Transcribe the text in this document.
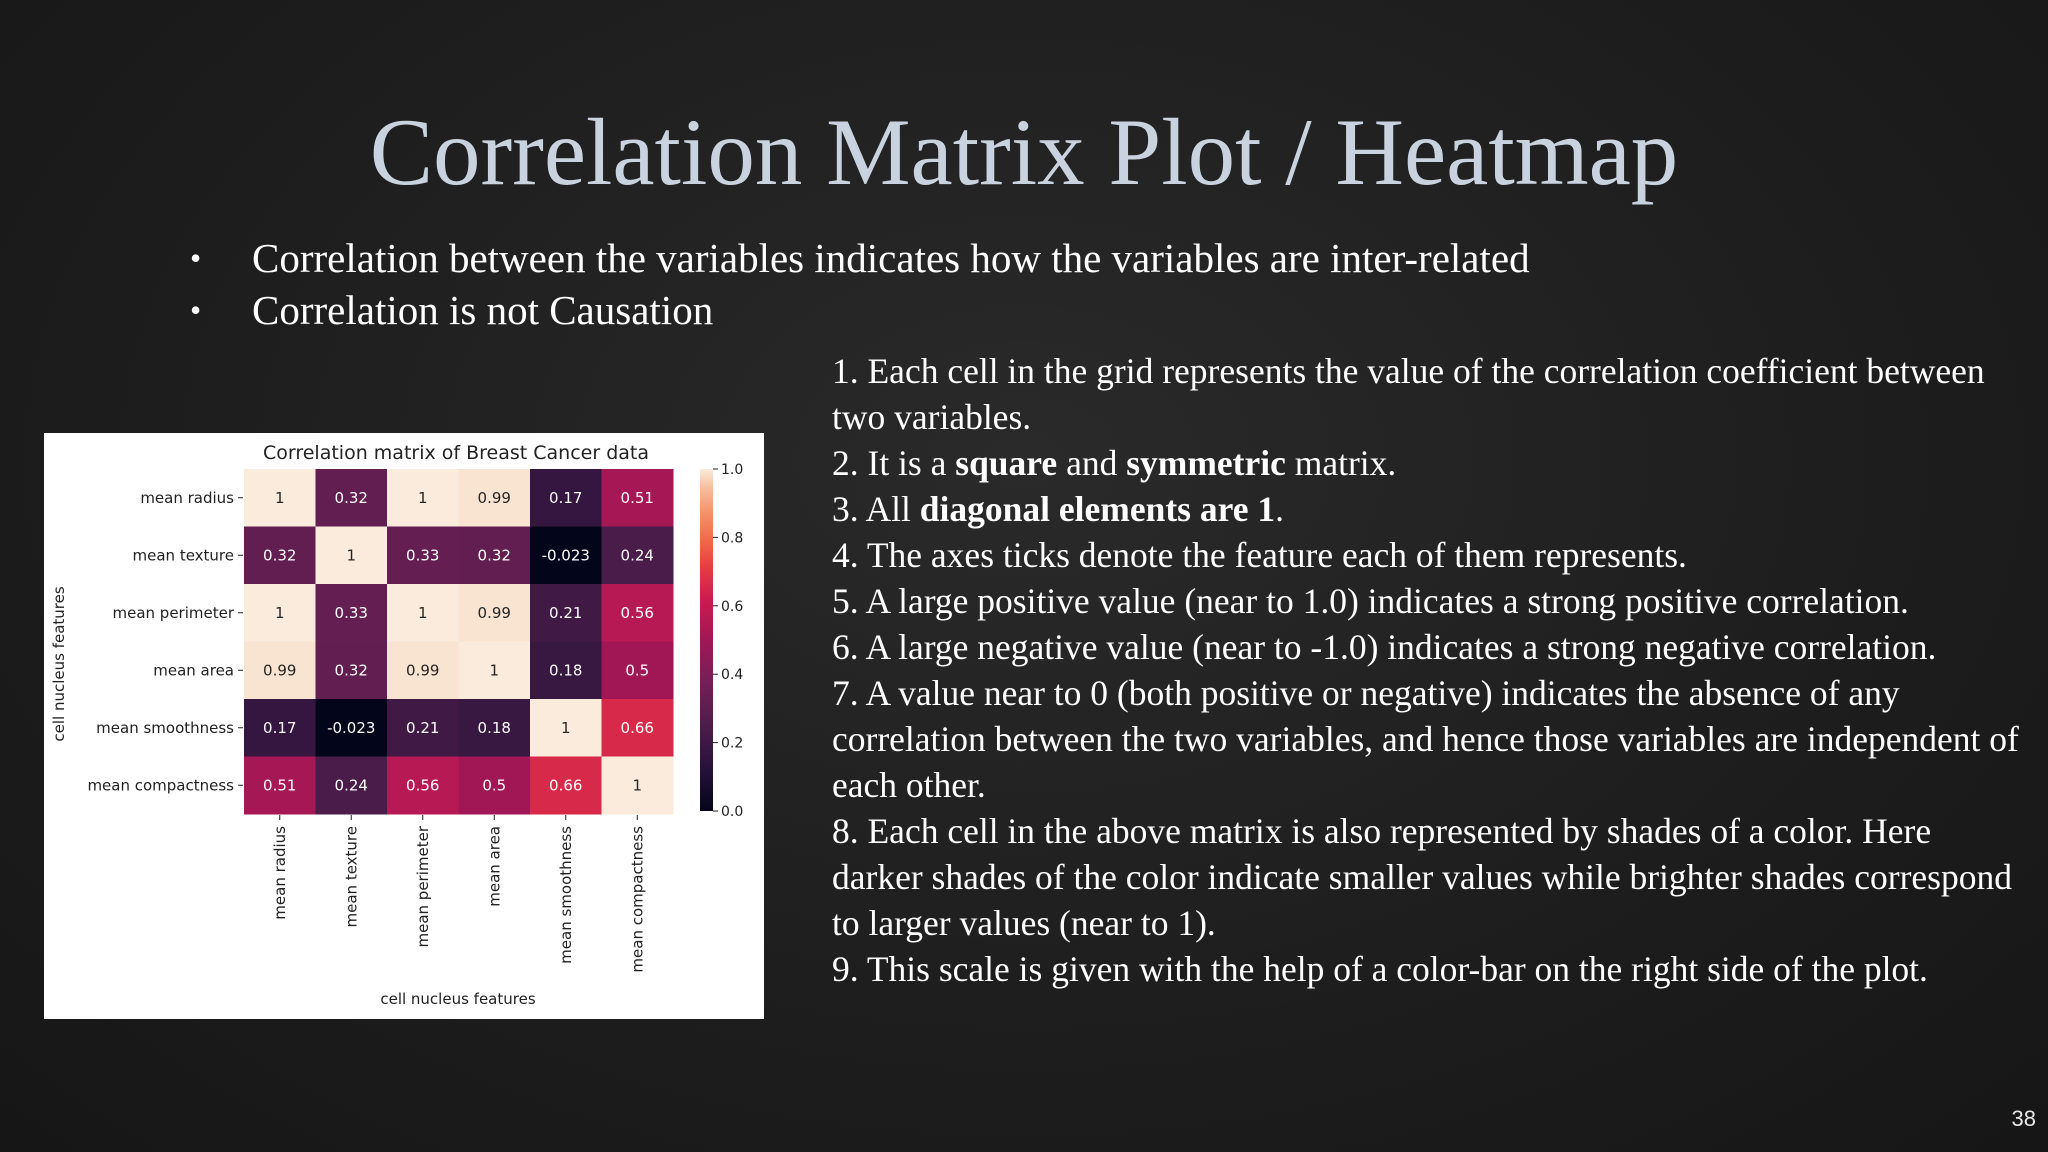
Correlation Matrix Plot / Heatmap
• Correlation between the variables indicates how the variables are inter-related
• Correlation is not Causation
Correlation matrix of Breast Cancer data
1	0.32	1	0.99	0.17	0.51
0.32	1	0.33	0.32 -0.023 0.24
1	0.33	1	0.99	0.21	0.56
0.99	0.32	0.99	1	0.18	0.5
0.17 -0.023 0.21	0.18	1	0.66
0.51	0.24	0.56	0.5	0.66	1
mean radius
mean texture
mean perimeter
mean area
mean smoothness
mean compactness
mean radius	mean texture	mean perimeter	mean area	mean smoothness	mean compactness
cell nucleus features
cell nucleus features
1.0
0.8
0.6
0.4
0.2
0.0

1. Each cell in the grid represents the value of the correlation coefficient between two variables.

2. It is a square and symmetric matrix.

3. All diagonal elements are 1.

4. The axes ticks denote the feature each of them represents.

5. A large positive value (near to 1.0) indicates a strong positive correlation.

6. A large negative value (near to -1.0) indicates a strong negative correlation.

7. A value near to 0 (both positive or negative) indicates the absence of any correlation between the two variables, and hence those variables are independent of each other.

8. Each cell in the above matrix is also represented by shades of a color. Here darker shades of the color indicate smaller values while brighter shades correspond to larger values (near to 1).

9. This scale is given with the help of a color-bar on the right side of the plot.

38
